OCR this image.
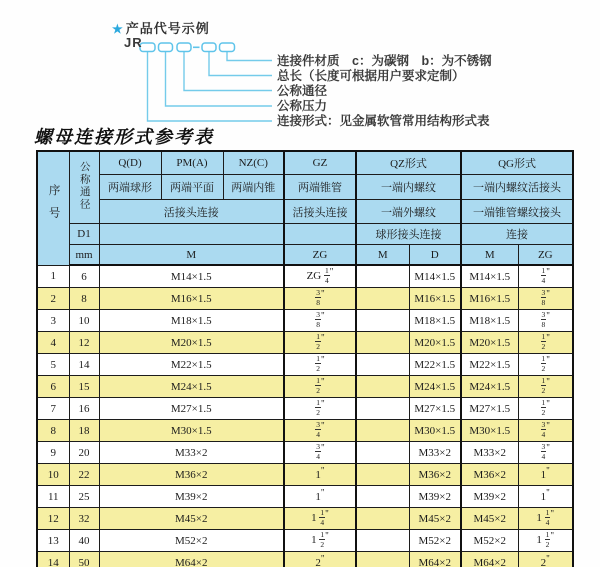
★ 产品代号示例
JR
连接件材质　c：为碳钢　b：为不锈钢
总长（长度可根据用户要求定制）
公称通径
公称压力
连接形式：见金属软管常用结构形式表
螺母连接形式参考表
序号	公称通径	Q(D)	PM(A)	NZ(C)	GZ	QZ形式		QG形式	
		两端球形	两端平面	两端内锥	两端锥管	一端内螺纹		一端内螺纹活接头	
		活接头连接			活接头连接	一端外螺纹		一端锥管螺纹接头	
	D1					球形接头连接		连接	
	mm	M			ZG	M	D	M	ZG
1	6	M14×1.5			ZG $\frac{1}{4} ^"$		M14×1.5	M14×1.5	$\frac{1}{4} ^"$
2	8	M16×1.5			$\frac{3}{8} ^"$		M16×1.5	M16×1.5	$\frac{3}{8} ^"$
3	10	M18×1.5			$\frac{3}{8} ^"$		M18×1.5	M18×1.5	$\frac{3}{8} ^"$
4	12	M20×1.5			$\frac{1}{2} ^"$		M20×1.5	M20×1.5	$\frac{1}{2} ^"$
5	14	M22×1.5			$\frac{1}{2} ^"$		M22×1.5	M22×1.5	$\frac{1}{2} ^"$
6	15	M24×1.5			$\frac{1}{2} ^"$		M24×1.5	M24×1.5	$\frac{1}{2} ^"$
7	16	M27×1.5			$\frac{1}{2} ^"$		M27×1.5	M27×1.5	$\frac{1}{2} ^"$
8	18	M30×1.5			$\frac{3}{4} ^"$		M30×1.5	M30×1.5	$\frac{3}{4} ^"$
9	20	M33×2			$\frac{3}{4} ^"$		M33×2	M33×2	$\frac{3}{4} ^"$
10	22	M36×2			1"		M36×2	M36×2	1"
11	25	M39×2			1"		M39×2	M39×2	1"
12	32	M45×2			$1 \frac{1}{4} ^"$		M45×2	M45×2	$1 \frac{1}{4} ^"$
13	40	M52×2			$1 \frac{1}{2} ^"$		M52×2	M52×2	$1 \frac{1}{2} ^"$
14	50	M64×2			2"		M64×2	M64×2	2"
